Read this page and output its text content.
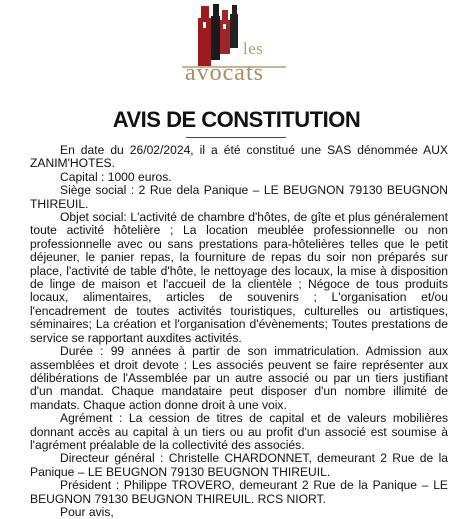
les
avocats
AVIS DE CONSTITUTION

En date du 26/02/2024, il a été constitué une SAS dénommée AUX ZANIM'HOTES.

Capital : 1000 euros.

Siège social : 2 Rue dela Panique – LE BEUGNON 79130 BEUGNON THIREUIL.

Objet social: L'activité de chambre d'hôtes, de gîte et plus généralement toute activité hôtelière ; La location meublée professionnelle ou non professionnelle avec ou sans prestations para-hôtelières telles que le petit déjeuner, le panier repas, la fourniture de repas du soir non préparés sur place, l'activité de table d'hôte, le nettoyage des locaux, la mise à disposition de linge de maison et l'accueil de la clientèle ; Négoce de tous produits locaux, alimentaires, articles de souvenirs ; L'organisation et/ou l'encadrement de toutes activités touristiques, culturelles ou artistiques, séminaires; La création et l'organisation d'évènements; Toutes prestations de service se rapportant auxdites activités.

Durée : 99 années à partir de son immatriculation. Admission aux assemblées et droit devote : Les associés peuvent se faire représenter aux délibérations de l'Assemblée par un autre associé ou par un tiers justifiant d'un mandat. Chaque mandataire peut disposer d'un nombre illimité de mandats. Chaque action donne droit à une voix.

Agrément : La cession de titres de capital et de valeurs mobilières donnant accès au capital à un tiers ou au profit d'un associé est soumise à l'agrément préalable de la collectivité des associés.

Directeur général : Christelle CHARDONNET, demeurant 2 Rue de la Panique – LE BEUGNON 79130 BEUGNON THIREUIL.

Président : Philippe TROVERO, demeurant 2 Rue de la Panique – LE BEUGNON 79130 BEUGNON THIREUIL. RCS NIORT.

Pour avis,
